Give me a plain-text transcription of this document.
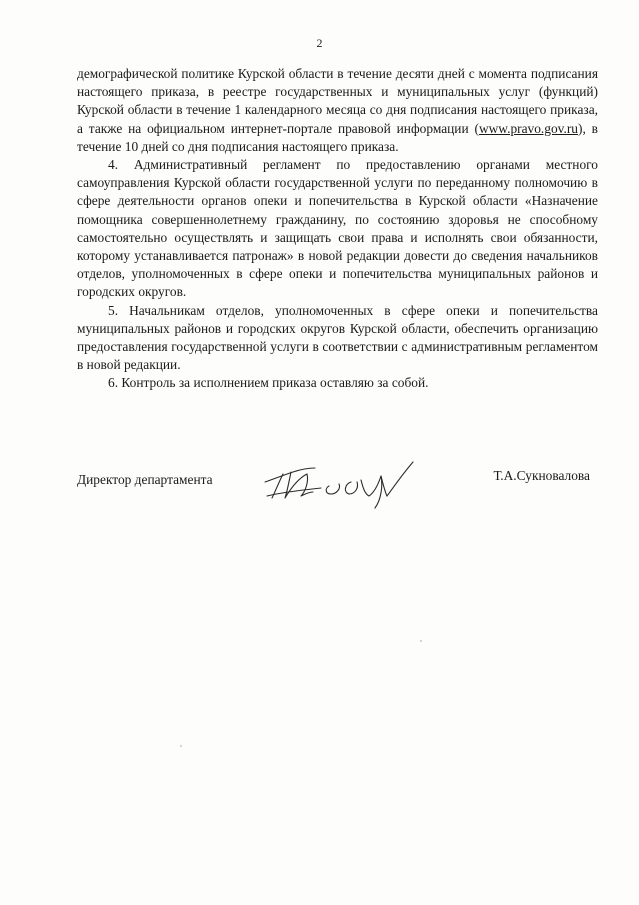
2

демографической политике Курской области в течение десяти дней с момента подписания настоящего приказа, в реестре государственных и муниципальных услуг (функций) Курской области в течение 1 календарного месяца со дня подписания настоящего приказа, а также на официальном интернет-портале правовой информации (www.pravo.gov.ru), в течение 10 дней со дня подписания настоящего приказа.

4. Административный регламент по предоставлению органами местного самоуправления Курской области государственной услуги по переданному полномочию в сфере деятельности органов опеки и попечительства в Курской области «Назначение помощника совершеннолетнему гражданину, по состоянию здоровья не способному самостоятельно осуществлять и защищать свои права и исполнять свои обязанности, которому устанавливается патронаж» в новой редакции довести до сведения начальников отделов, уполномоченных в сфере опеки и попечительства муниципальных районов и городских округов.

5. Начальникам отделов, уполномоченных в сфере опеки и попечительства муниципальных районов и городских округов Курской области, обеспечить организацию предоставления государственной услуги в соответствии с административным регламентом в новой редакции.

6. Контроль за исполнением приказа оставляю за собой.

Директор департамента	Т.А.Сукновалова
